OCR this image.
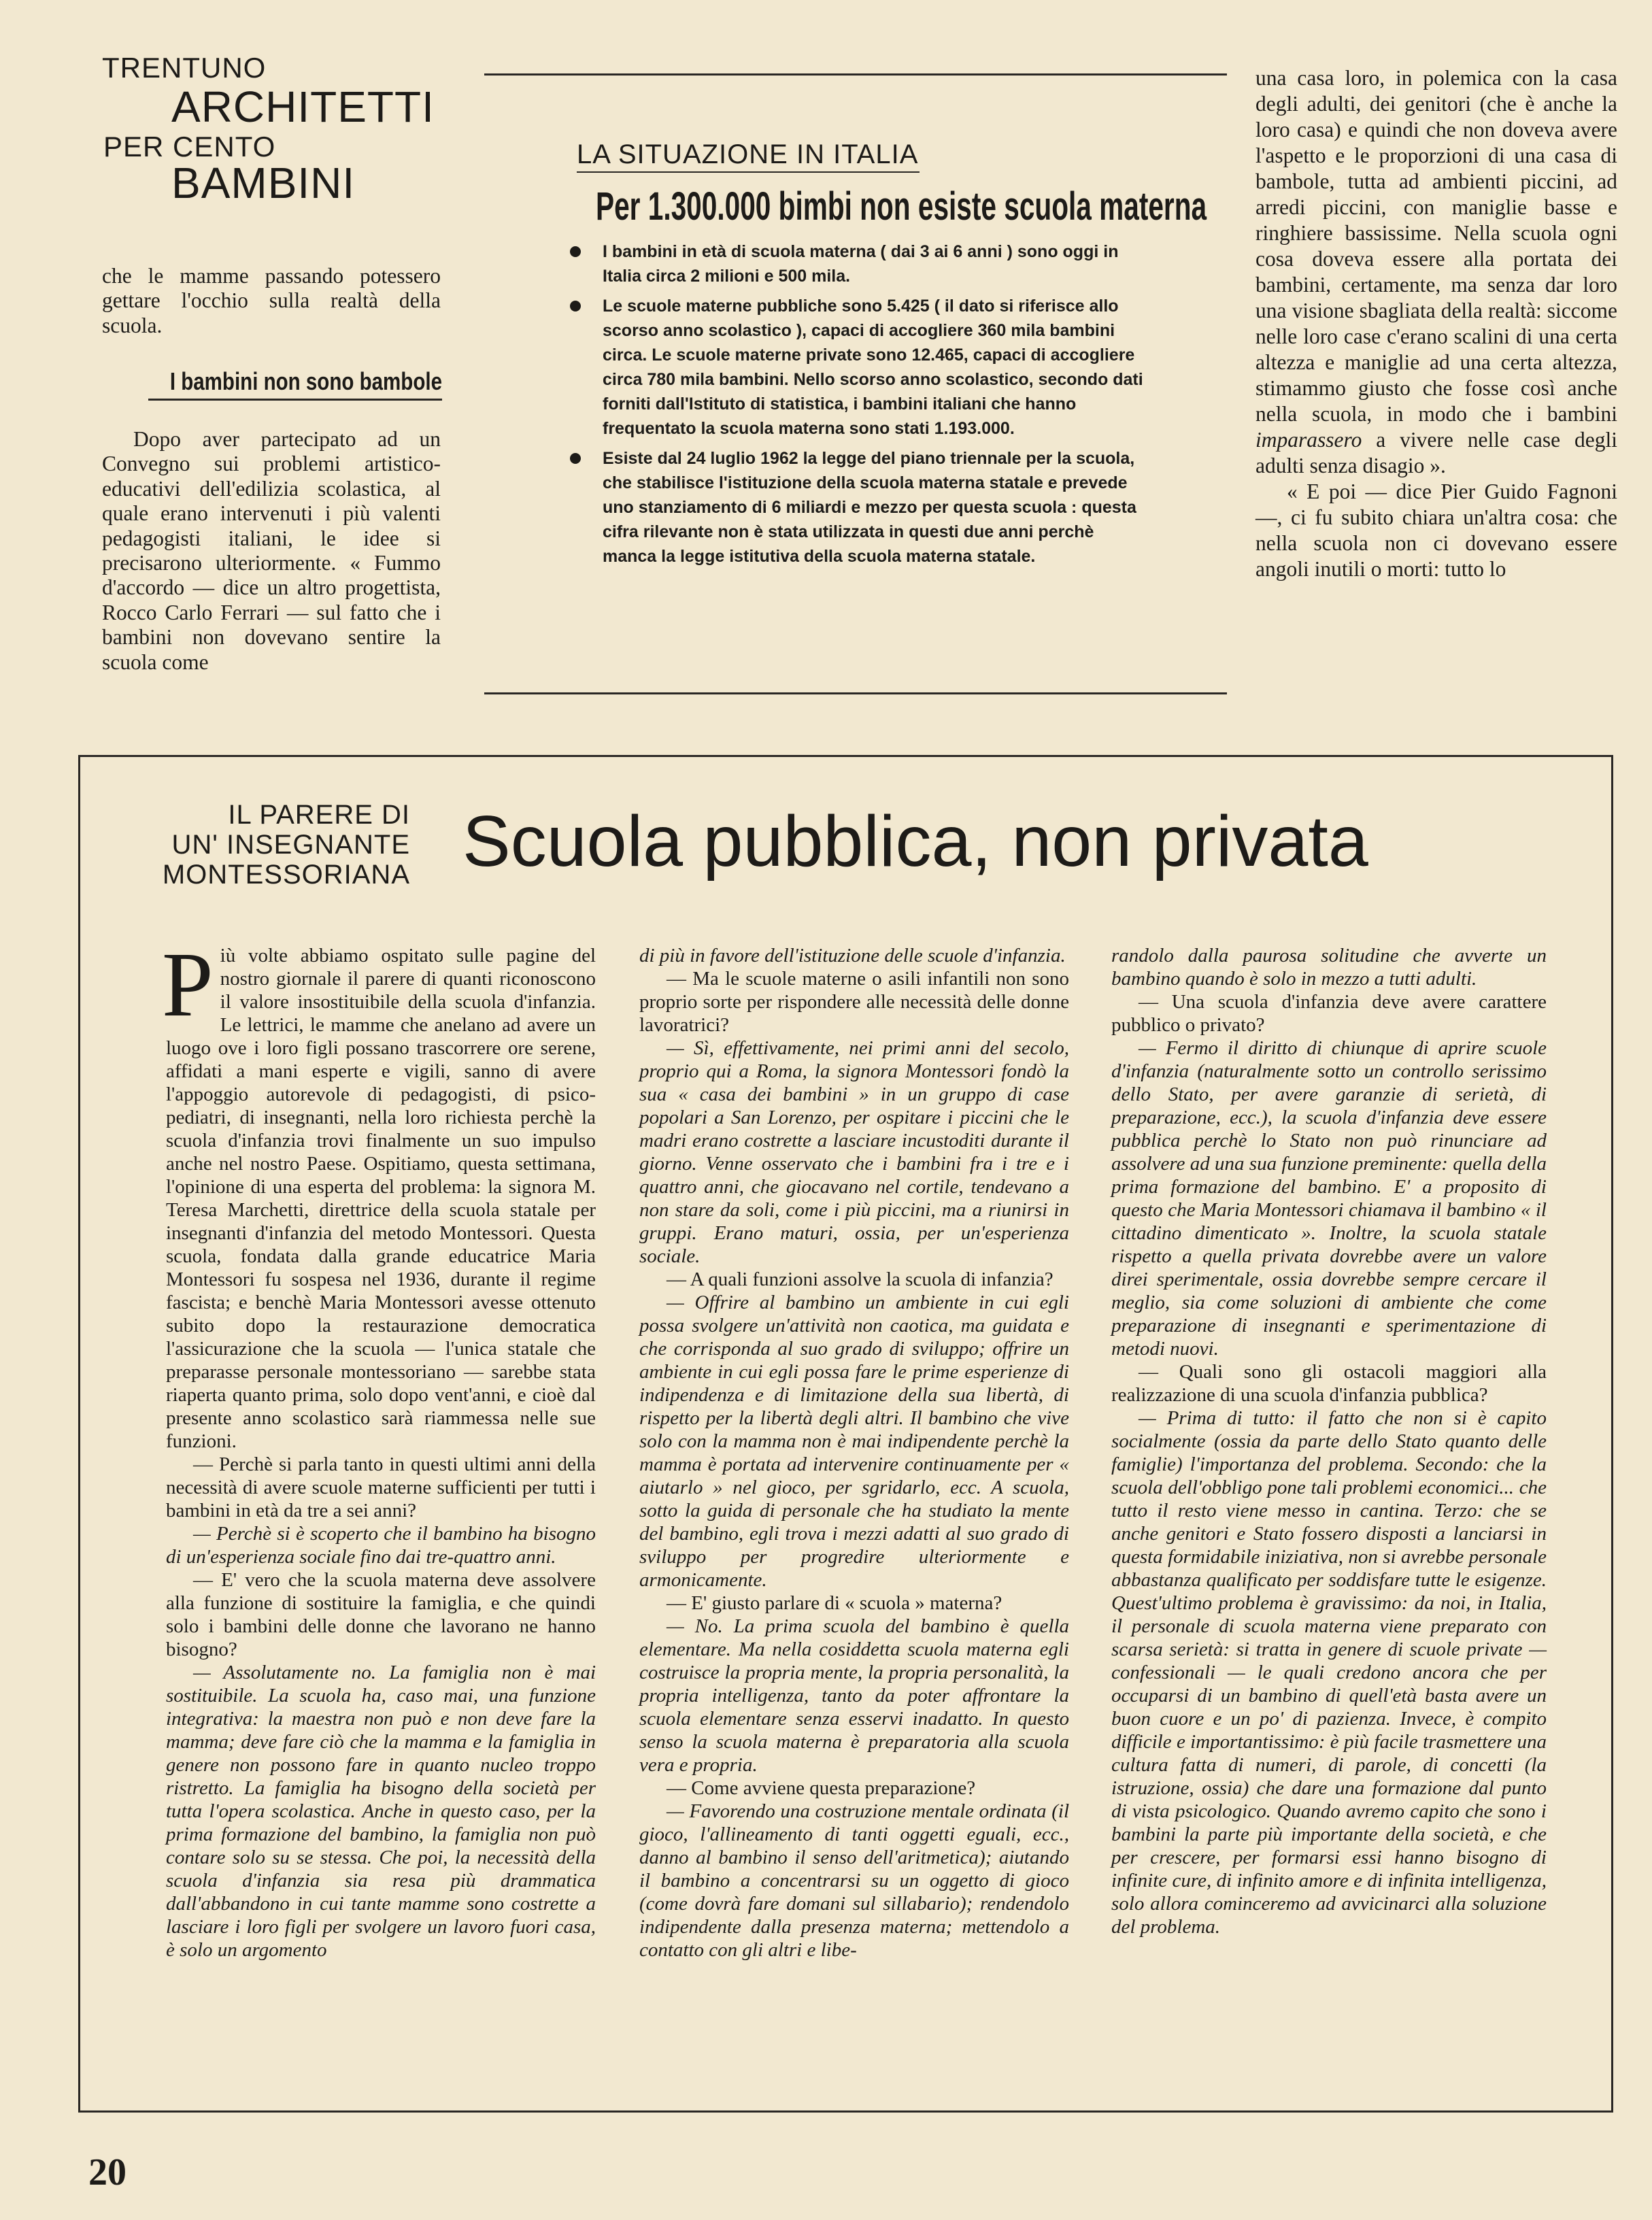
TRENTUNO
ARCHITETTI
PER CENTO
BAMBINI

che le mamme passando potessero gettare l'occhio sulla realtà della scuola.

I bambini non sono bambole

Dopo aver partecipato ad un Convegno sui problemi artistico-educativi dell'edilizia scolastica, al quale erano intervenuti i più valenti pedagogisti italiani, le idee si precisarono ulteriormente. « Fummo d'accordo — dice un altro progettista, Rocco Carlo Ferrari — sul fatto che i bambini non dovevano sentire la scuola come

LA SITUAZIONE IN ITALIA
Per 1.300.000 bimbi non esiste scuola materna
I bambini in età di scuola materna ( dai 3 ai 6 anni ) sono oggi in Italia circa 2 milioni e 500 mila.
Le scuole materne pubbliche sono 5.425 ( il dato si riferisce allo scorso anno scolastico ), capaci di accogliere 360 mila bambini circa. Le scuole materne private sono 12.465, capaci di accogliere circa 780 mila bambini. Nello scorso anno scolastico, secondo dati forniti dall'Istituto di statistica, i bambini italiani che hanno frequentato la scuola materna sono stati 1.193.000.
Esiste dal 24 luglio 1962 la legge del piano triennale per la scuola, che stabilisce l'istituzione della scuola materna statale e prevede uno stanziamento di 6 miliardi e mezzo per questa scuola : questa cifra rilevante non è stata utilizzata in questi due anni perchè manca la legge istitutiva della scuola materna statale.

una casa loro, in polemica con la casa degli adulti, dei genitori (che è anche la loro casa) e quindi che non doveva avere l'aspetto e le proporzioni di una casa di bambole, tutta ad ambienti piccini, ad arredi piccini, con maniglie basse e ringhiere bassissime. Nella scuola ogni cosa doveva essere alla portata dei bambini, certamente, ma senza dar loro una visione sbagliata della realtà: siccome nelle loro case c'erano scalini di una certa altezza e maniglie ad una certa altezza, stimammo giusto che fosse così anche nella scuola, in modo che i bambini imparassero a vivere nelle case degli adulti senza disagio ».

« E poi — dice Pier Guido Fagnoni —, ci fu subito chiara un'altra cosa: che nella scuola non ci dovevano essere angoli inutili o morti: tutto lo

IL PARERE DI
UN' INSEGNANTE
MONTESSORIANA Scuola pubblica, non privata

Più volte abbiamo ospitato sulle pagine del nostro giornale il parere di quanti riconoscono il valore insostituibile della scuola d'infanzia. Le lettrici, le mamme che anelano ad avere un luogo ove i loro figli possano trascorrere ore serene, affidati a mani esperte e vigili, sanno di avere l'appoggio autorevole di pedagogisti, di psico-pediatri, di insegnanti, nella loro richiesta perchè la scuola d'infanzia trovi finalmente un suo impulso anche nel nostro Paese. Ospitiamo, questa settimana, l'opinione di una esperta del problema: la signora M. Teresa Marchetti, direttrice della scuola statale per insegnanti d'infanzia del metodo Montessori. Questa scuola, fondata dalla grande educatrice Maria Montessori fu sospesa nel 1936, durante il regime fascista; e benchè Maria Montessori avesse ottenuto subito dopo la restaurazione democratica l'assicurazione che la scuola — l'unica statale che preparasse personale montessoriano — sarebbe stata riaperta quanto prima, solo dopo vent'anni, e cioè dal presente anno scolastico sarà riammessa nelle sue funzioni.

— Perchè si parla tanto in questi ultimi anni della necessità di avere scuole materne sufficienti per tutti i bambini in età da tre a sei anni?

— Perchè si è scoperto che il bambino ha bisogno di un'esperienza sociale fino dai tre-quattro anni.

— E' vero che la scuola materna deve assolvere alla funzione di sostituire la famiglia, e che quindi solo i bambini delle donne che lavorano ne hanno bisogno?

— Assolutamente no. La famiglia non è mai sostituibile. La scuola ha, caso mai, una funzione integrativa: la maestra non può e non deve fare la mamma; deve fare ciò che la mamma e la famiglia in genere non possono fare in quanto nucleo troppo ristretto. La famiglia ha bisogno della società per tutta l'opera scolastica. Anche in questo caso, per la prima formazione del bambino, la famiglia non può contare solo su se stessa. Che poi, la necessità della scuola d'infanzia sia resa più drammatica dall'abbandono in cui tante mamme sono costrette a lasciare i loro figli per svolgere un lavoro fuori casa, è solo un argomento

di più in favore dell'istituzione delle scuole d'infanzia.

— Ma le scuole materne o asili infantili non sono proprio sorte per rispondere alle necessità delle donne lavoratrici?

— Sì, effettivamente, nei primi anni del secolo, proprio qui a Roma, la signora Montessori fondò la sua « casa dei bambini » in un gruppo di case popolari a San Lorenzo, per ospitare i piccini che le madri erano costrette a lasciare incustoditi durante il giorno. Venne osservato che i bambini fra i tre e i quattro anni, che giocavano nel cortile, tendevano a non stare da soli, come i più piccini, ma a riunirsi in gruppi. Erano maturi, ossia, per un'esperienza sociale.

— A quali funzioni assolve la scuola di infanzia?

— Offrire al bambino un ambiente in cui egli possa svolgere un'attività non caotica, ma guidata e che corrisponda al suo grado di sviluppo; offrire un ambiente in cui egli possa fare le prime esperienze di indipendenza e di limitazione della sua libertà, di rispetto per la libertà degli altri. Il bambino che vive solo con la mamma non è mai indipendente perchè la mamma è portata ad intervenire continuamente per « aiutarlo » nel gioco, per sgridarlo, ecc. A scuola, sotto la guida di personale che ha studiato la mente del bambino, egli trova i mezzi adatti al suo grado di sviluppo per progredire ulteriormente e armonicamente.

— E' giusto parlare di « scuola » materna?

— No. La prima scuola del bambino è quella elementare. Ma nella cosiddetta scuola materna egli costruisce la propria mente, la propria personalità, la propria intelligenza, tanto da poter affrontare la scuola elementare senza esservi inadatto. In questo senso la scuola materna è preparatoria alla scuola vera e propria.

— Come avviene questa preparazione?

— Favorendo una costruzione mentale ordinata (il gioco, l'allineamento di tanti oggetti eguali, ecc., danno al bambino il senso dell'aritmetica); aiutando il bambino a concentrarsi su un oggetto di gioco (come dovrà fare domani sul sillabario); rendendolo indipendente dalla presenza materna; mettendolo a contatto con gli altri e libe-

randolo dalla paurosa solitudine che avverte un bambino quando è solo in mezzo a tutti adulti.

— Una scuola d'infanzia deve avere carattere pubblico o privato?

— Fermo il diritto di chiunque di aprire scuole d'infanzia (naturalmente sotto un controllo serissimo dello Stato, per avere garanzie di serietà, di preparazione, ecc.), la scuola d'infanzia deve essere pubblica perchè lo Stato non può rinunciare ad assolvere ad una sua funzione preminente: quella della prima formazione del bambino. E' a proposito di questo che Maria Montessori chiamava il bambino « il cittadino dimenticato ». Inoltre, la scuola statale rispetto a quella privata dovrebbe avere un valore direi sperimentale, ossia dovrebbe sempre cercare il meglio, sia come soluzioni di ambiente che come preparazione di insegnanti e sperimentazione di metodi nuovi.

— Quali sono gli ostacoli maggiori alla realizzazione di una scuola d'infanzia pubblica?

— Prima di tutto: il fatto che non si è capito socialmente (ossia da parte dello Stato quanto delle famiglie) l'importanza del problema. Secondo: che la scuola dell'obbligo pone tali problemi economici... che tutto il resto viene messo in cantina. Terzo: che se anche genitori e Stato fossero disposti a lanciarsi in questa formidabile iniziativa, non si avrebbe personale abbastanza qualificato per soddisfare tutte le esigenze. Quest'ultimo problema è gravissimo: da noi, in Italia, il personale di scuola materna viene preparato con scarsa serietà: si tratta in genere di scuole private — confessionali — le quali credono ancora che per occuparsi di un bambino di quell'età basta avere un buon cuore e un po' di pazienza. Invece, è compito difficile e importantissimo: è più facile trasmettere una cultura fatta di numeri, di parole, di concetti (la istruzione, ossia) che dare una formazione dal punto di vista psicologico. Quando avremo capito che sono i bambini la parte più importante della società, e che per crescere, per formarsi essi hanno bisogno di infinite cure, di infinito amore e di infinita intelligenza, solo allora cominceremo ad avvicinarci alla soluzione del problema.

20
